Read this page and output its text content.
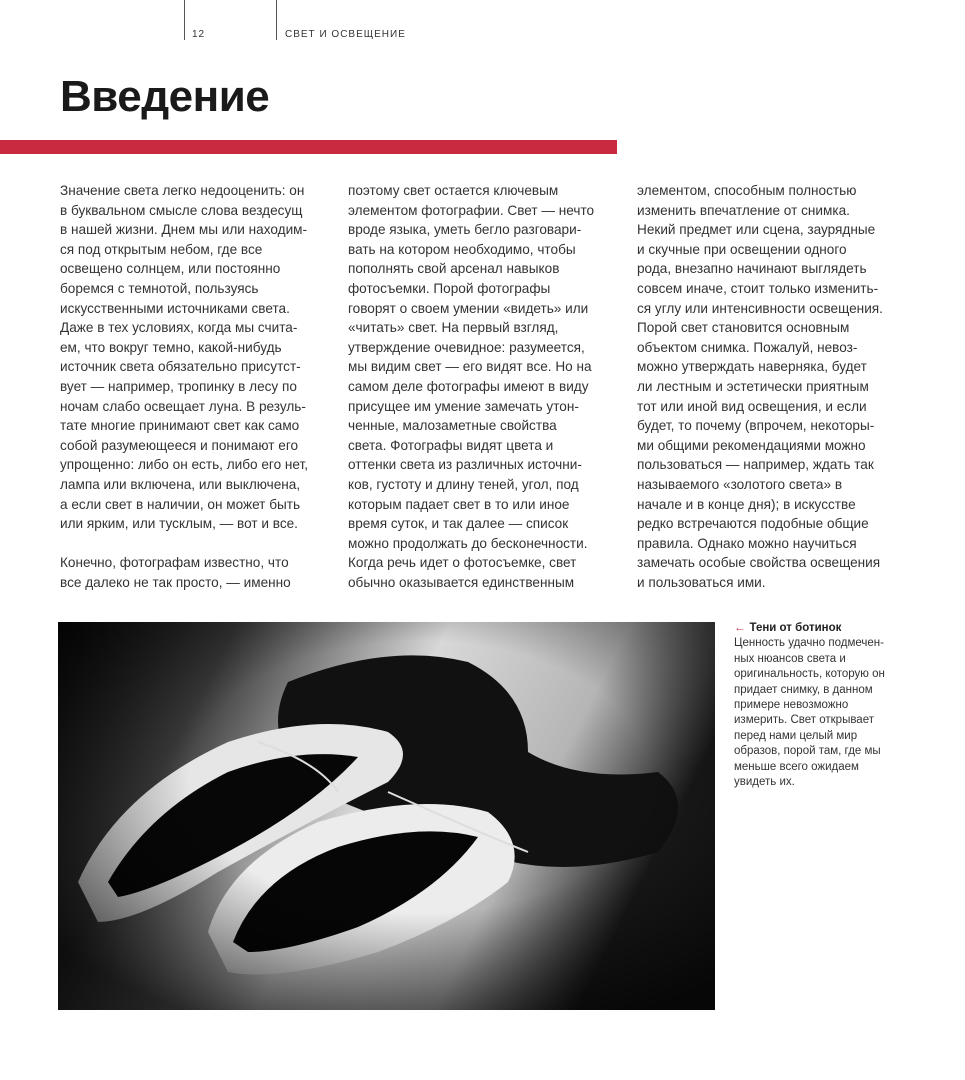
12	СВЕТ И ОСВЕЩЕНИЕ
Введение
Значение света легко недооценить: он
в буквальном смысле слова вездесущ
в нашей жизни. Днем мы или находим-
ся под открытым небом, где все
освещено солнцем, или постоянно
боремся с темнотой, пользуясь
искусственными источниками света.
Даже в тех условиях, когда мы счита-
ем, что вокруг темно, какой-нибудь
источник света обязательно присутст-
вует — например, тропинку в лесу по
ночам слабо освещает луна. В резуль-
тате многие принимают свет как само
собой разумеющееся и понимают его
упрощенно: либо он есть, либо его нет,
лампа или включена, или выключена,
а если свет в наличии, он может быть
или ярким, или тусклым, — вот и все.
Конечно, фотографам известно, что
все далеко не так просто, — именно
поэтому свет остается ключевым
элементом фотографии. Свет — нечто
вроде языка, уметь бегло разговари-
вать на котором необходимо, чтобы
пополнять свой арсенал навыков
фотосъемки. Порой фотографы
говорят о своем умении «видеть» или
«читать» свет. На первый взгляд,
утверждение очевидное: разумеется,
мы видим свет — его видят все. Но на
самом деле фотографы имеют в виду
присущее им умение замечать утон-
ченные, малозаметные свойства
света. Фотографы видят цвета и
оттенки света из различных источни-
ков, густоту и длину теней, угол, под
которым падает свет в то или иное
время суток, и так далее — список
можно продолжать до бесконечности.
Когда речь идет о фотосъемке, свет
обычно оказывается единственным
элементом, способным полностью
изменить впечатление от снимка.
Некий предмет или сцена, заурядные
и скучные при освещении одного
рода, внезапно начинают выглядеть
совсем иначе, стоит только изменить-
ся углу или интенсивности освещения.
Порой свет становится основным
объектом снимка. Пожалуй, невоз-
можно утверждать наверняка, будет
ли лестным и эстетически приятным
тот или иной вид освещения, и если
будет, то почему (впрочем, некоторы-
ми общими рекомендациями можно
пользоваться — например, ждать так
называемого «золотого света» в
начале и в конце дня); в искусстве
редко встречаются подобные общие
правила. Однако можно научиться
замечать особые свойства освещения
и пользоваться ими.
← Тени от ботинок
Ценность удачно подмечен-
ных нюансов света и
оригинальность, которую он
придает снимку, в данном
примере невозможно
измерить. Свет открывает
перед нами целый мир
образов, порой там, где мы
меньше всего ожидаем
увидеть их.
